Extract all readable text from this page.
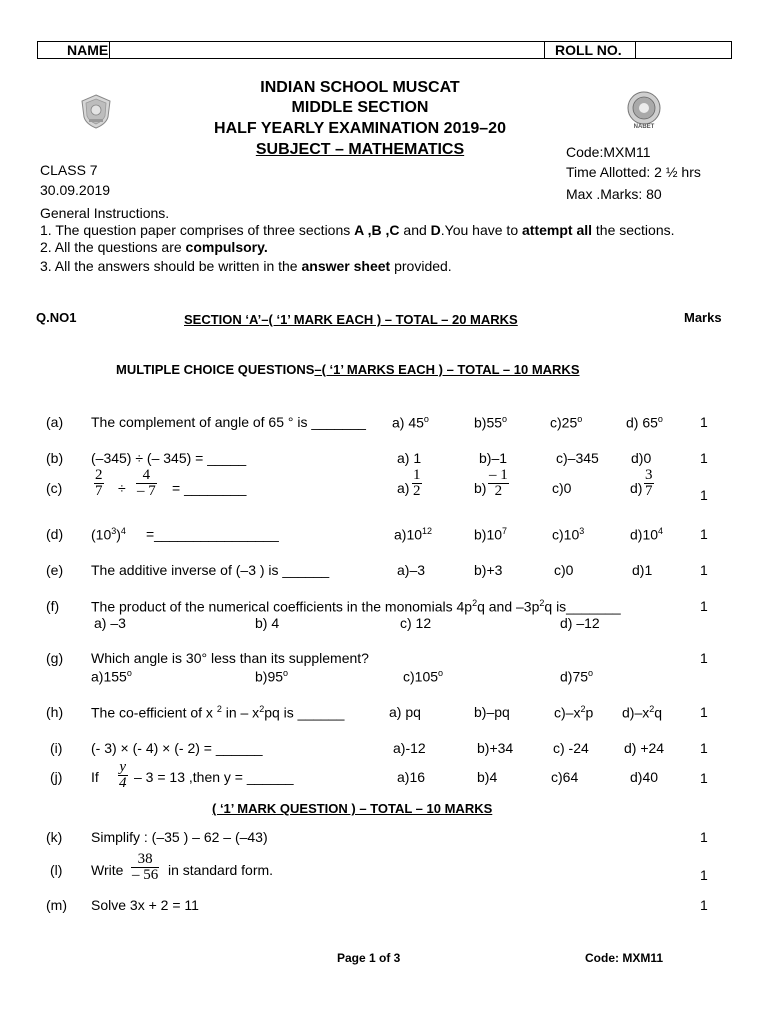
NAME	ROLL NO.
NABET
INDIAN SCHOOL MUSCAT
MIDDLE SECTION
HALF YEARLY EXAMINATION 2019–20
SUBJECT – MATHEMATICS
CLASS 7
30.09.2019
Code:MXM11
Time Allotted: 2 ½ hrs
Max .Marks: 80
General Instructions.
1. The question paper comprises of three sections A ,B ,C and D.You have to attempt all the sections.
2. All the questions are compulsory.
3. All the answers should be written in the answer sheet provided.
Q.NO1	SECTION ‘A’–( ‘1’ MARK EACH ) – TOTAL – 20 MARKS	Marks
MULTIPLE CHOICE QUESTIONS–( ‘1’ MARKS EACH ) – TOTAL – 10 MARKS
(a) The complement of angle of 65 ° is _______ a) 45$^o$	b)55$^o$	c)25$^o$	d) 65$^o$	1
(b) (–345) ÷ (– 345) = _____	a) 1	b)–1	c)–345 d)0	1
$(c) \frac{2}{7} \div \frac{4}{- 7}$ = ________	$a) \frac{1}{2}$	$b) \frac{- 1}{2}$	c)0	$d) \frac{3}{7}$	1
(d) $(10^3)^4$ =________________	$a)10^{12}$	$b)10^7$	$c)10^3$	$d)10^4$	1
(e) The additive inverse of (–3 ) is ______	a)–3	b)+3	c)0	d)1	1
(f) The product of the numerical coefficients in the monomials $4p^2q$ and $-3p^2q$ is_______	1
a) –3	b) 4	c) 12	d) –12
(g) Which angle is 30° less than its supplement?	1
a)155$^o$	b)95$^o$	c)105$^o$	d)75$^o$
(h) The co-efficient of x $^2$ in – $x^2pq$ is ______	a) pq	b)–pq	$c)-x^2p$ $d)-x^2q$	1
(i) (- 3) × (- 4) × (- 2) = ______	a)-12	b)+34	c) -24	d) +24	1
(j) If $\frac{y}{4} - 3 = 13$ ,then y = ______	a)16	b)4	c)64	d)40	1
( ‘1’ MARK QUESTION ) – TOTAL – 10 MARKS
(k) Simplify : (–35 ) – 62 – (–43)	1
(l) Write $\frac{38}{- 56}$ in standard form.	1
(m) Solve 3x + 2 = 11	1
Page 1 of 3	Code: MXM11
